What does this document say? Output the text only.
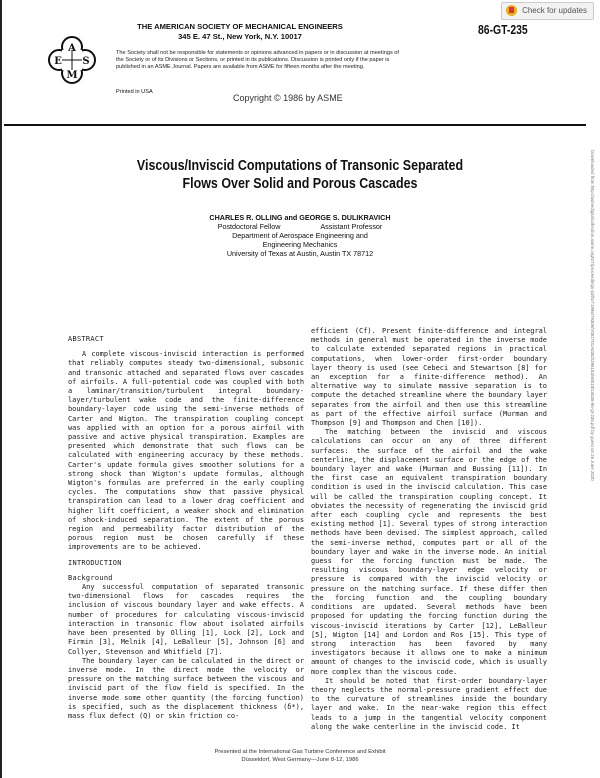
Check for updates
A
E S
M
THE AMERICAN SOCIETY OF MECHANICAL ENGINEERS
345 E. 47 St., New York, N.Y. 10017	86-GT-235
The Society shall not be responsible for statements or opinions advanced in papers or in discussion at meetings of the Society or of its Divisions or Sections, or printed in its publications. Discussion is printed only if the paper is published in an ASME Journal. Papers are available from ASME for fifteen months after the meeting.
Printed in USA
Copyright © 1986 by ASME
Viscous/Inviscid Computations of Transonic Separated
Flows Over Solid and Porous Cascades
CHARLES R. OLLING and GEORGE S. DULIKRAVICH
Postdoctoral Fellow	Assistant Professor
Department of Aerospace Engineering and
Engineering Mechanics
University of Texas at Austin, Austin TX 78712

ABSTRACT

A complete viscous-inviscid interaction is performed that reliably computes steady two-dimensional, subsonic and transonic attached and separated flows over cascades of airfoils. A full-potential code was coupled with both a laminar/transition/turbulent integral boundary-layer/turbulent wake code and the finite-difference boundary-layer code using the semi-inverse methods of Carter and Wigton. The transpiration coupling concept was applied with an option for a porous airfoil with passive and active physical transpiration. Examples are presented which demonstrate that such flows can be calculated with engineering accuracy by these methods. Carter's update formula gives smoother solutions for a strong shock than Wigton's update formulas, although Wigton's formulas are preferred in the early coupling cycles. The computations show that passive physical transpiration can lead to a lower drag coefficient and higher lift coefficient, a weaker shock and elimination of shock-induced separation. The extent of the porous region and permeability factor distribution of the porous region must be chosen carefully if these improvements are to be achieved.

INTRODUCTION

Background

Any successful computation of separated transonic two-dimensional flows for cascades requires the inclusion of viscous boundary layer and wake effects. A number of procedures for calculating viscous-inviscid interaction in transonic flow about isolated airfoils have been presented by Olling [1], Lock [2], Lock and Firmin [3], Melnik [4], LeBalleur [5], Johnson [6] and Collyer, Stevenson and Whitfield [7].

The boundary layer can be calculated in the direct or inverse mode. In the direct mode the velocity or pressure on the matching surface between the viscous and inviscid part of the flow field is specified. In the inverse mode some other quantity (the forcing function) is specified, such as the displacement thickness (δ*), mass flux defect (Q) or skin friction co-

efficient (Cf). Present finite-difference and integral methods in general must be operated in the inverse mode to calculate extended separated regions in practical computations, when lower-order first-order boundary layer theory is used (see Cebeci and Stewartson [8] for an exception for a finite-difference method). An alternative way to simulate massive separation is to compute the detached streamline where the boundary layer separates from the airfoil and then use this streamline as part of the effective airfoil surface (Murman and Thompson [9] and Thompson and Chen [10]).

The matching between the inviscid and viscous calculations can occur on any of three different surfaces: the surface of the airfoil and the wake centerline, the displacement surface or the edge of the boundary layer and wake (Murman and Bussing [11]). In the first case an equivalent transpiration boundary condition is used in the inviscid calculation. This case will be called the transpiration coupling concept. It obviates the necessity of regenerating the inviscid grid after each coupling cycle and represents the best existing method [1]. Several types of strong interaction methods have been devised. The simplest approach, called the semi-inverse method, computes part or all of the boundary layer and wake in the inverse mode. An initial guess for the forcing function must be made. The resulting viscous boundary-layer edge velocity or pressure is compared with the inviscid velocity or pressure on the matching surface. If these differ then the forcing function and the coupling boundary conditions are updated. Several methods have been proposed for updating the forcing function during the viscous-inviscid iterations by Carter [12], LeBalleur [5], Wigton [14] and Lordon and Ros [15]. This type of strong interaction has been favored by many investigators because it allows one to make a minimum amount of changes to the inviscid code, which is usually more complex than the viscous code.

It should be noted that first-order boundary-layer theory neglects the normal-pressure gradient effect due to the curvature of streamlines inside the boundary layer and wake. In the near-wake region this effect leads to a jump in the tangential velocity component along the wake centerline in the inviscid code. It

Presented at the International Gas Turbine Conference and Exhibit
Düsseldorf, West Germany—June 8-12, 1986
Downloaded from http://asmedigitalcollection.asme.org/GT/proceedings-pdf/GT1986/79306/V001T01A035/2396153/v001t01a035-86-gt-235.pdf by guest on 26 June 2020
